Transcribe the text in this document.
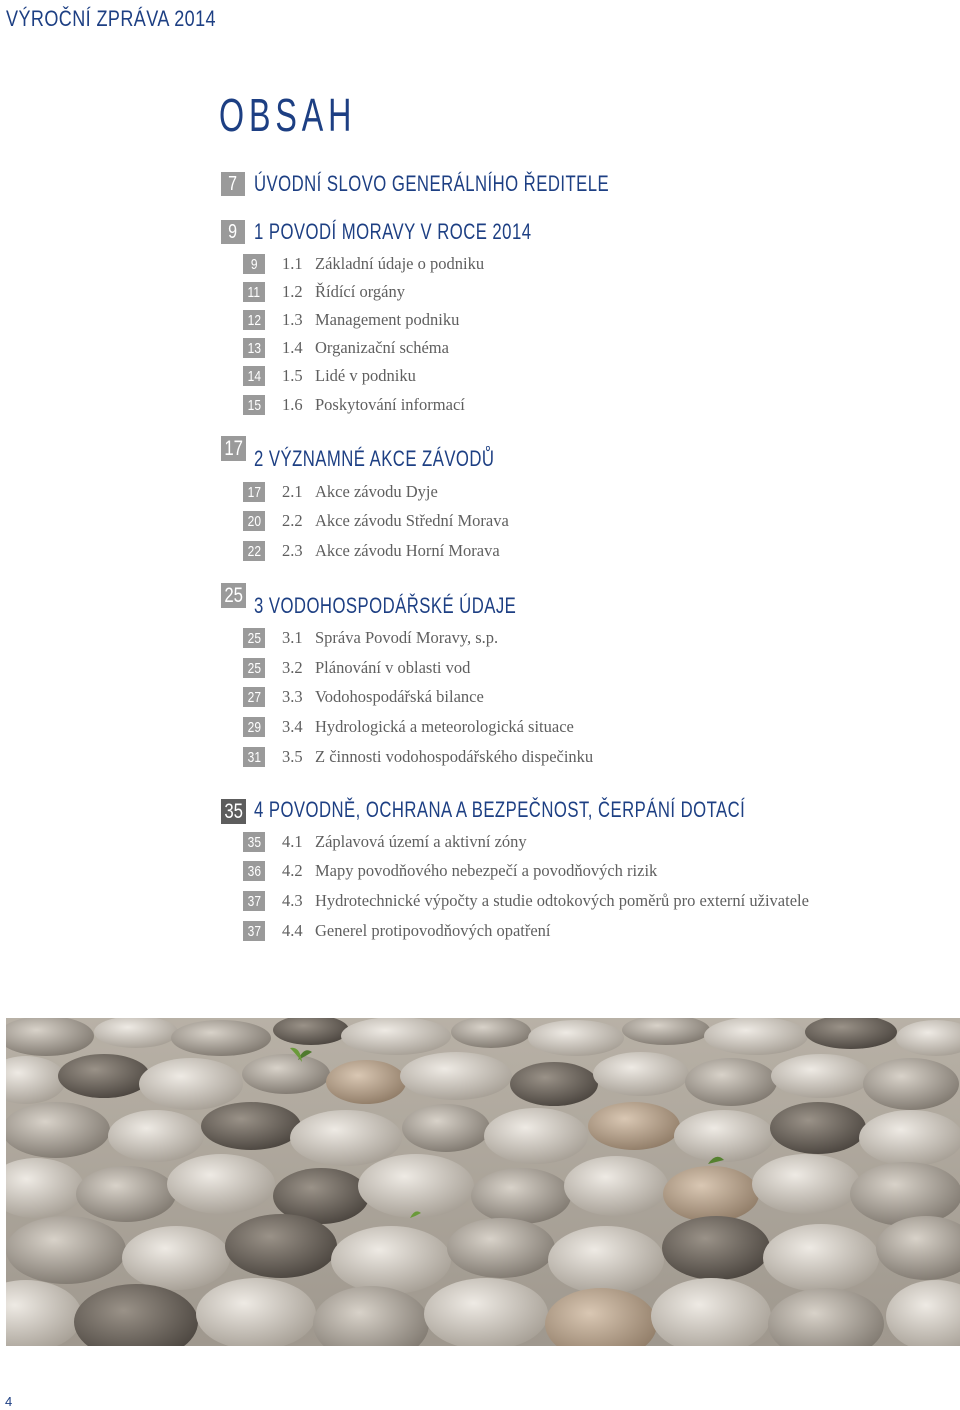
VÝROČNÍ ZPRÁVA 2014
OBSAH
7 ÚVODNÍ SLOVO GENERÁLNÍHO ŘEDITELE
9 1 POVODÍ MORAVY V ROCE 2014
9 1.1 Základní údaje o podniku
11 1.2 Řídící orgány
12 1.3 Management podniku
13 1.4 Organizační schéma
14 1.5 Lidé v podniku
15 1.6 Poskytování informací
17 2 VÝZNAMNÉ AKCE ZÁVODŮ
17 2.1 Akce závodu Dyje
20 2.2 Akce závodu Střední Morava
22 2.3 Akce závodu Horní Morava
25 3 VODOHOSPODÁŘSKÉ ÚDAJE
25 3.1 Správa Povodí Moravy, s.p.
25 3.2 Plánování v oblasti vod
27 3.3 Vodohospodářská bilance
29 3.4 Hydrologická a meteorologická situace
31 3.5 Z činnosti vodohospodářského dispečinku
35 4 POVODNĚ, OCHRANA A BEZPEČNOST, ČERPÁNÍ DOTACÍ
35 4.1 Záplavová území a aktivní zóny
36 4.2 Mapy povodňového nebezpečí a povodňových rizik
37 4.3 Hydrotechnické výpočty a studie odtokových poměrů pro externí uživatele
37 4.4 Generel protipovodňových opatření
4
